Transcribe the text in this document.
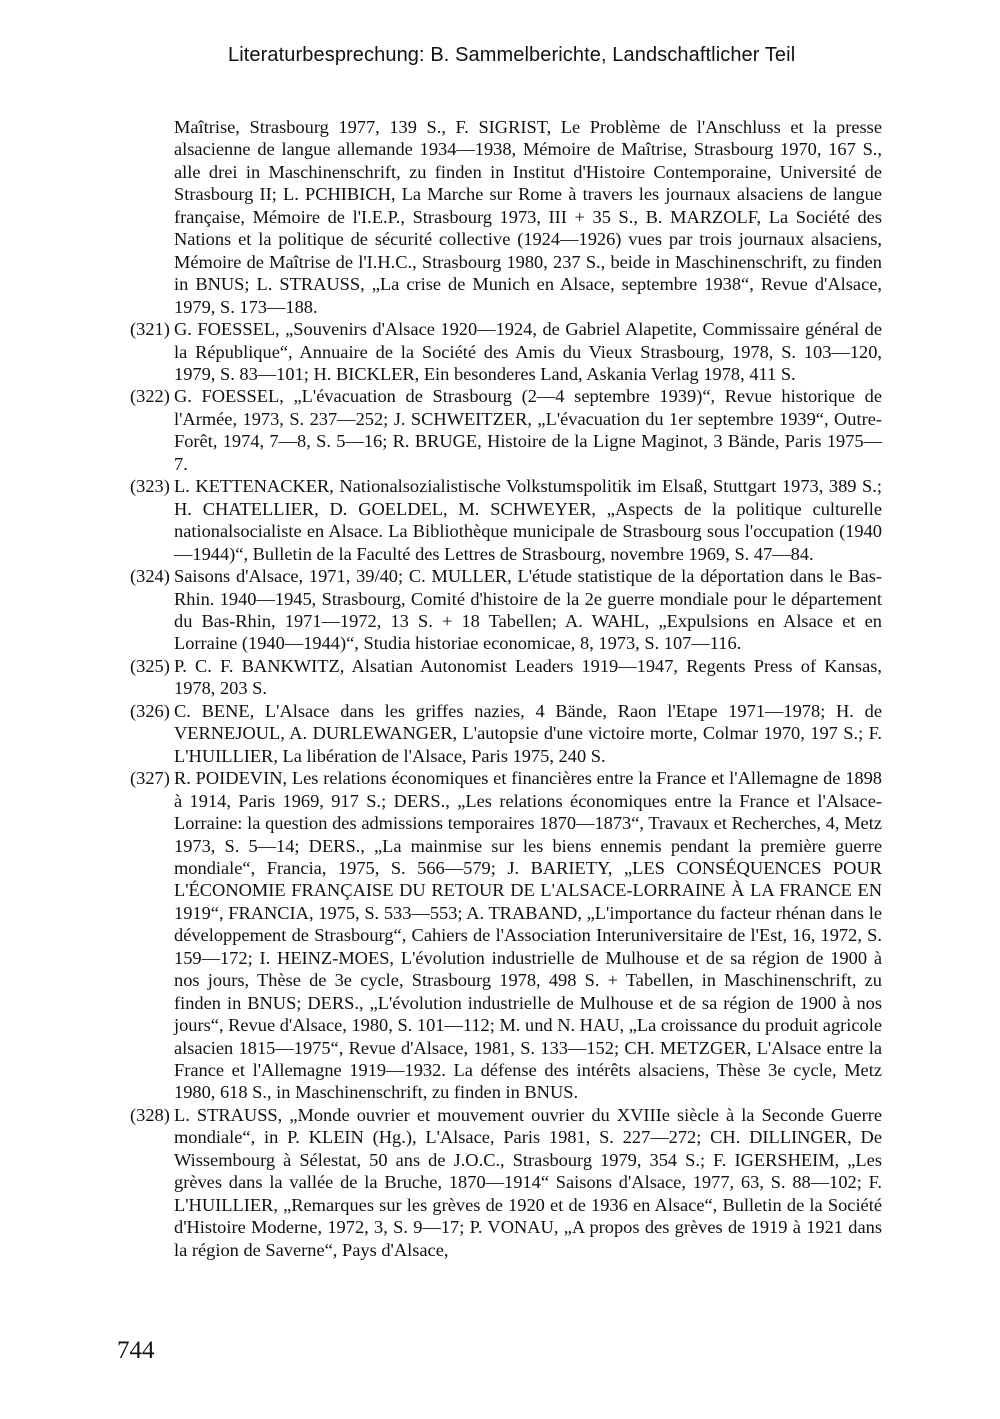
Literaturbesprechung: B. Sammelberichte, Landschaftlicher Teil
Maîtrise, Strasbourg 1977, 139 S., F. SIGRIST, Le Problème de l'Anschluss et la presse alsacienne de langue allemande 1934—1938, Mémoire de Maîtrise, Strasbourg 1970, 167 S., alle drei in Maschinenschrift, zu finden in Institut d'Histoire Contemporaine, Université de Strasbourg II; L. PCHIBICH, La Marche sur Rome à travers les journaux alsaciens de langue française, Mémoire de l'I.E.P., Strasbourg 1973, III + 35 S., B. MARZOLF, La Société des Nations et la politique de sécurité collective (1924—1926) vues par trois journaux alsaciens, Mémoire de Maîtrise de l'I.H.C., Strasbourg 1980, 237 S., beide in Maschinenschrift, zu finden in BNUS; L. STRAUSS, „La crise de Munich en Alsace, septembre 1938“, Revue d'Alsace, 1979, S. 173—188.
(321) G. FOESSEL, „Souvenirs d'Alsace 1920—1924, de Gabriel Alapetite, Commissaire général de la République“, Annuaire de la Société des Amis du Vieux Strasbourg, 1978, S. 103—120, 1979, S. 83—101; H. BICKLER, Ein besonderes Land, Askania Verlag 1978, 411 S.
(322) G. FOESSEL, „L'évacuation de Strasbourg (2—4 septembre 1939)“, Revue historique de l'Armée, 1973, S. 237—252; J. SCHWEITZER, „L'évacuation du 1er septembre 1939“, Outre-Forêt, 1974, 7—8, S. 5—16; R. BRUGE, Histoire de la Ligne Maginot, 3 Bände, Paris 1975—7.
(323) L. KETTENACKER, Nationalsozialistische Volkstumspolitik im Elsaß, Stuttgart 1973, 389 S.; H. CHATELLIER, D. GOELDEL, M. SCHWEYER, „Aspects de la politique culturelle nationalsocialiste en Alsace. La Bibliothèque municipale de Strasbourg sous l'occupation (1940—1944)“, Bulletin de la Faculté des Lettres de Strasbourg, novembre 1969, S. 47—84.
(324) Saisons d'Alsace, 1971, 39/40; C. MULLER, L'étude statistique de la déportation dans le Bas-Rhin. 1940—1945, Strasbourg, Comité d'histoire de la 2e guerre mondiale pour le département du Bas-Rhin, 1971—1972, 13 S. + 18 Tabellen; A. WAHL, „Expulsions en Alsace et en Lorraine (1940—1944)“, Studia historiae economicae, 8, 1973, S. 107—116.
(325) P. C. F. BANKWITZ, Alsatian Autonomist Leaders 1919—1947, Regents Press of Kansas, 1978, 203 S.
(326) C. BENE, L'Alsace dans les griffes nazies, 4 Bände, Raon l'Etape 1971—1978; H. de VERNEJOUL, A. DURLEWANGER, L'autopsie d'une victoire morte, Colmar 1970, 197 S.; F. L'HUILLIER, La libération de l'Alsace, Paris 1975, 240 S.
(327) R. POIDEVIN, Les relations économiques et financières entre la France et l'Allemagne de 1898 à 1914, Paris 1969, 917 S.; DERS., „Les relations économiques entre la France et l'Alsace-Lorraine: la question des admissions temporaires 1870—1873“, Travaux et Recherches, 4, Metz 1973, S. 5—14; DERS., „La mainmise sur les biens ennemis pendant la première guerre mondiale“, Francia, 1975, S. 566—579; J. BARIETY, „LES CONSÉQUENCES POUR L'ÉCONOMIE FRANÇAISE DU RETOUR DE L'ALSACE-LORRAINE À LA FRANCE EN 1919“, FRANCIA, 1975, S. 533—553; A. TRABAND, „L'importance du facteur rhénan dans le développement de Strasbourg“, Cahiers de l'Association Interuniversitaire de l'Est, 16, 1972, S. 159—172; I. HEINZ-MOES, L'évolution industrielle de Mulhouse et de sa région de 1900 à nos jours, Thèse de 3e cycle, Strasbourg 1978, 498 S. + Tabellen, in Maschinenschrift, zu finden in BNUS; DERS., „L'évolution industrielle de Mulhouse et de sa région de 1900 à nos jours“, Revue d'Alsace, 1980, S. 101—112; M. und N. HAU, „La croissance du produit agricole alsacien 1815—1975“, Revue d'Alsace, 1981, S. 133—152; CH. METZGER, L'Alsace entre la France et l'Allemagne 1919—1932. La défense des intérêts alsaciens, Thèse 3e cycle, Metz 1980, 618 S., in Maschinenschrift, zu finden in BNUS.
(328) L. STRAUSS, „Monde ouvrier et mouvement ouvrier du XVIIIe siècle à la Seconde Guerre mondiale“, in P. KLEIN (Hg.), L'Alsace, Paris 1981, S. 227—272; CH. DILLINGER, De Wissembourg à Sélestat, 50 ans de J.O.C., Strasbourg 1979, 354 S.; F. IGERSHEIM, „Les grèves dans la vallée de la Bruche, 1870—1914“ Saisons d'Alsace, 1977, 63, S. 88—102; F. L'HUILLIER, „Remarques sur les grèves de 1920 et de 1936 en Alsace“, Bulletin de la Société d'Histoire Moderne, 1972, 3, S. 9—17; P. VONAU, „A propos des grèves de 1919 à 1921 dans la région de Saverne“, Pays d'Alsace,
744
